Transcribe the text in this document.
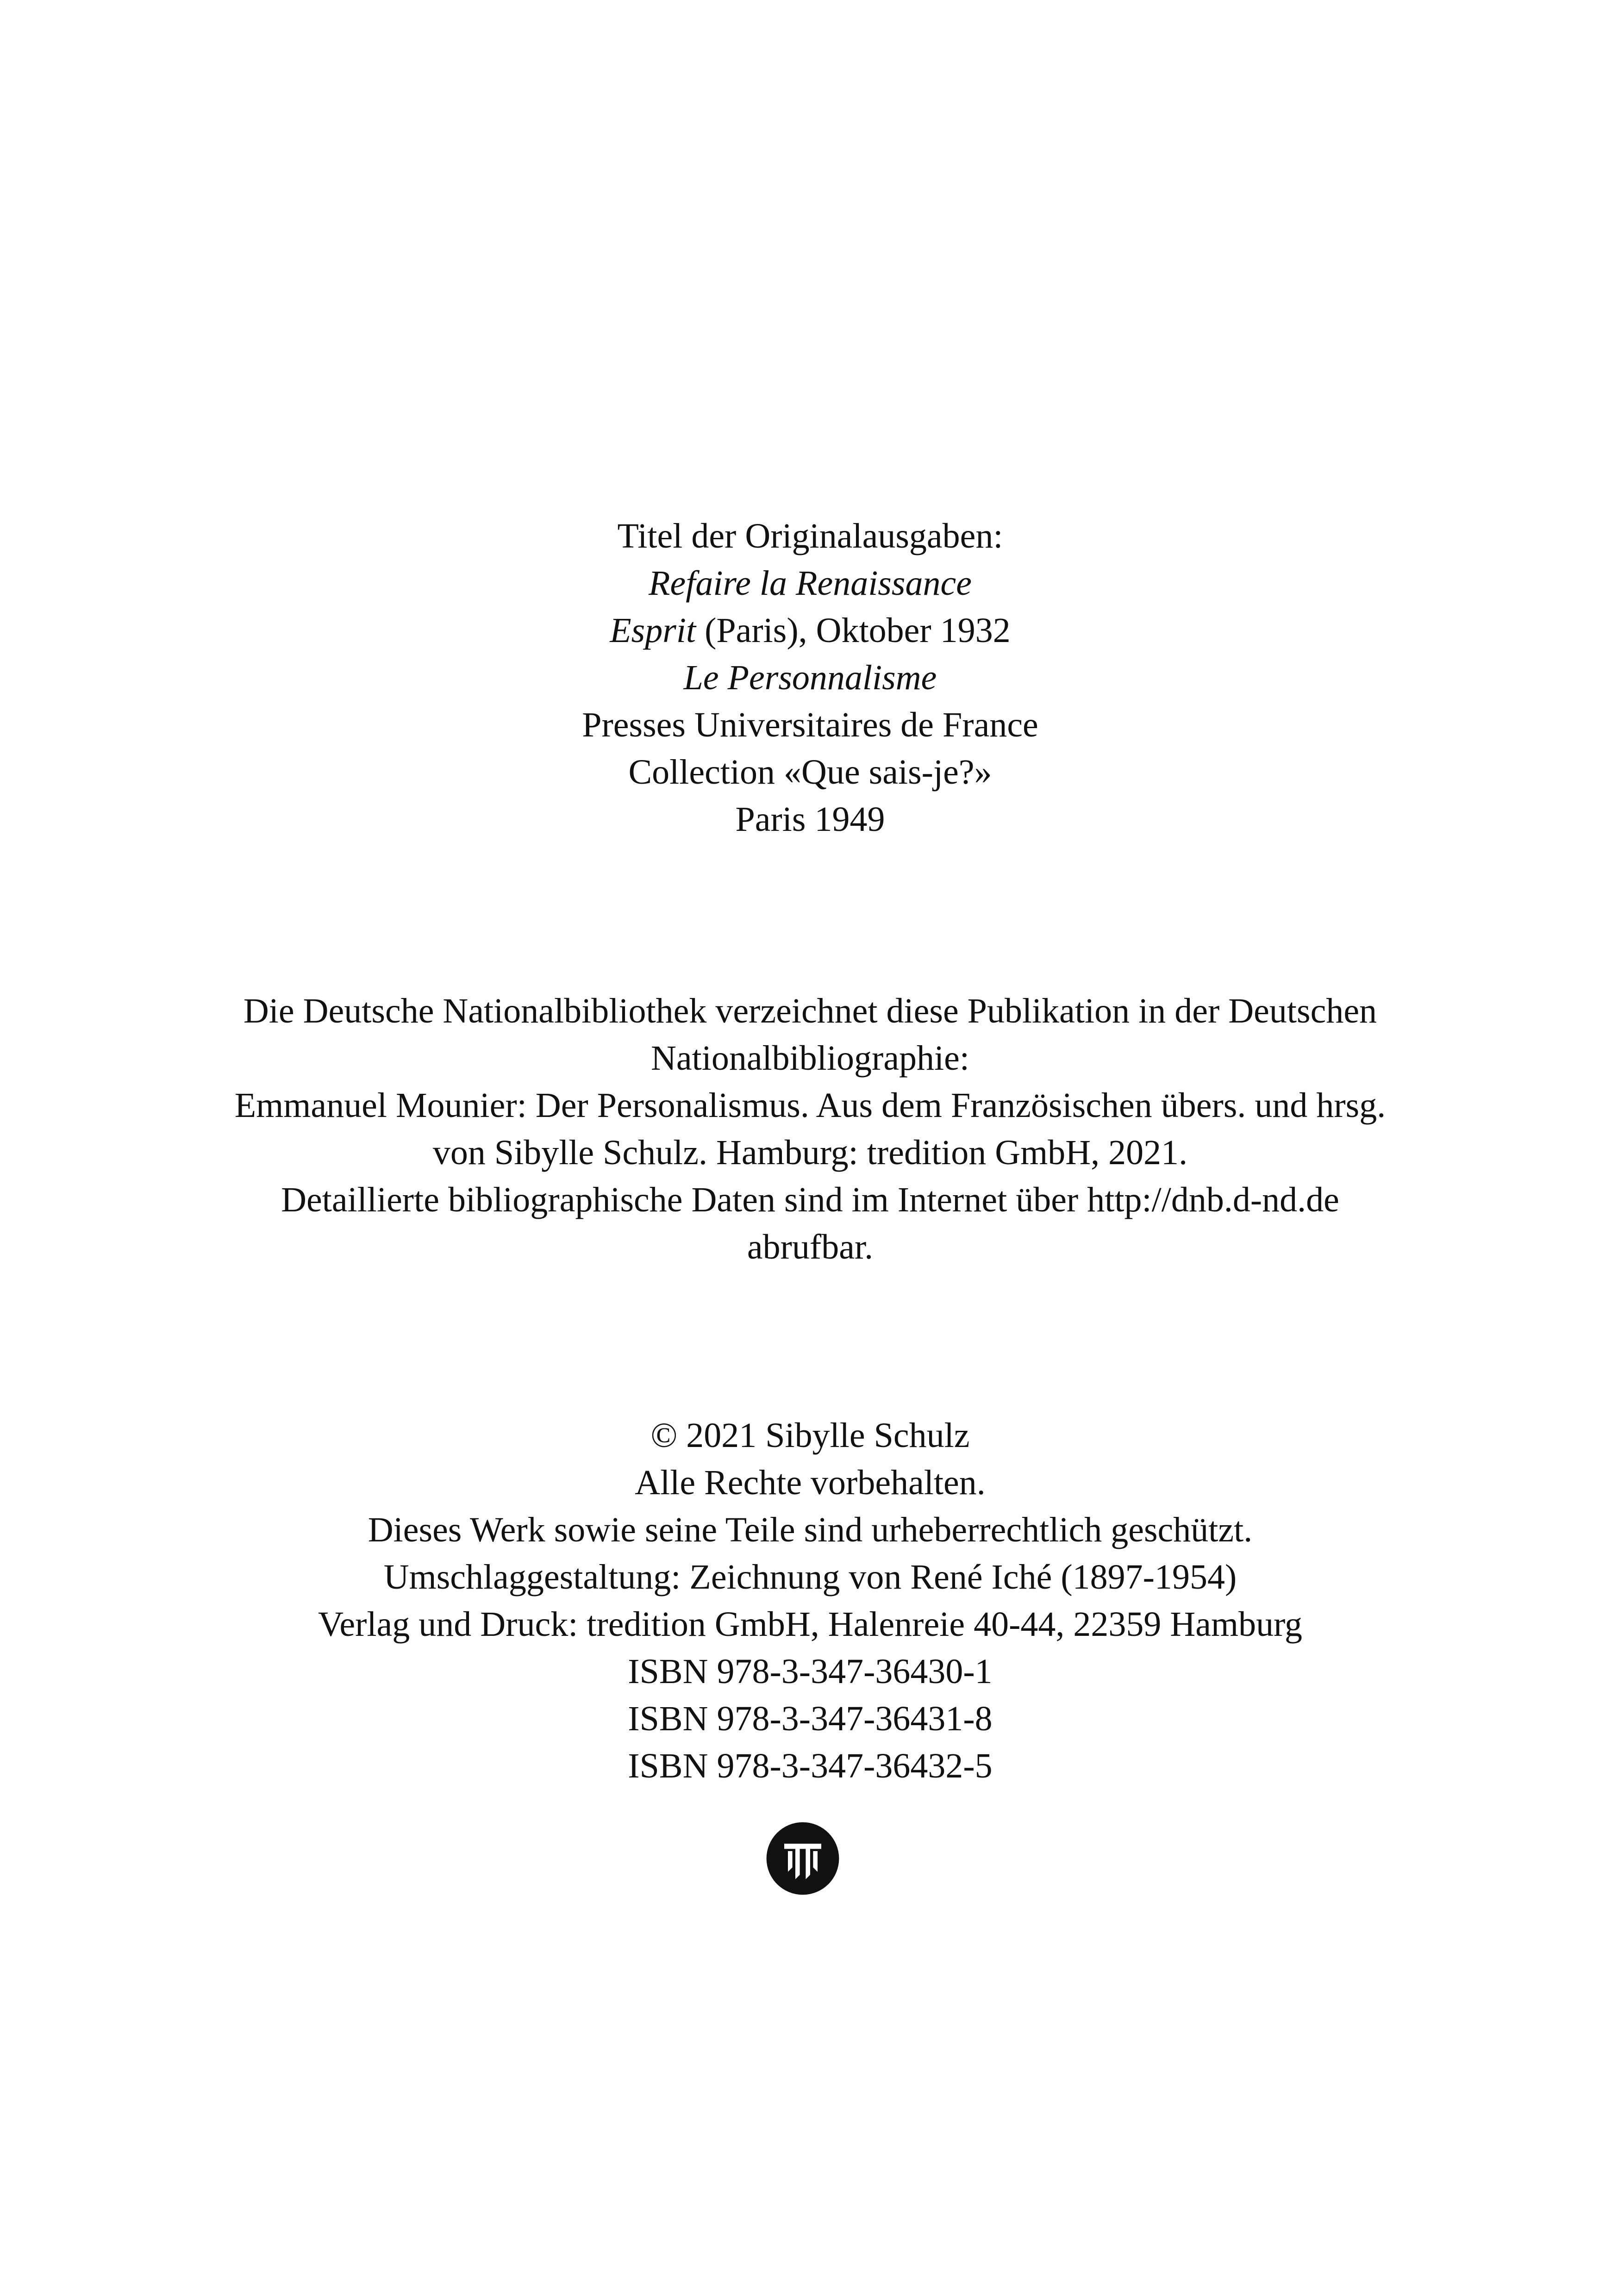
Titel der Originalausgaben:
Refaire la Renaissance
Esprit (Paris), Oktober 1932
Le Personnalisme
Presses Universitaires de France
Collection «Que sais-je?»
Paris 1949
Die Deutsche Nationalbibliothek verzeichnet diese Publikation in der Deutschen
Nationalbibliographie:
Emmanuel Mounier: Der Personalismus. Aus dem Französischen übers. und hrsg.
von Sibylle Schulz. Hamburg: tredition GmbH, 2021.
Detaillierte bibliographische Daten sind im Internet über http://dnb.d-nd.de
abrufbar.
© 2021 Sibylle Schulz
Alle Rechte vorbehalten.
Dieses Werk sowie seine Teile sind urheberrechtlich geschützt.
Umschlaggestaltung: Zeichnung von René Iché (1897-1954)
Verlag und Druck: tredition GmbH, Halenreie 40-44, 22359 Hamburg
ISBN 978-3-347-36430-1
ISBN 978-3-347-36431-8
ISBN 978-3-347-36432-5
